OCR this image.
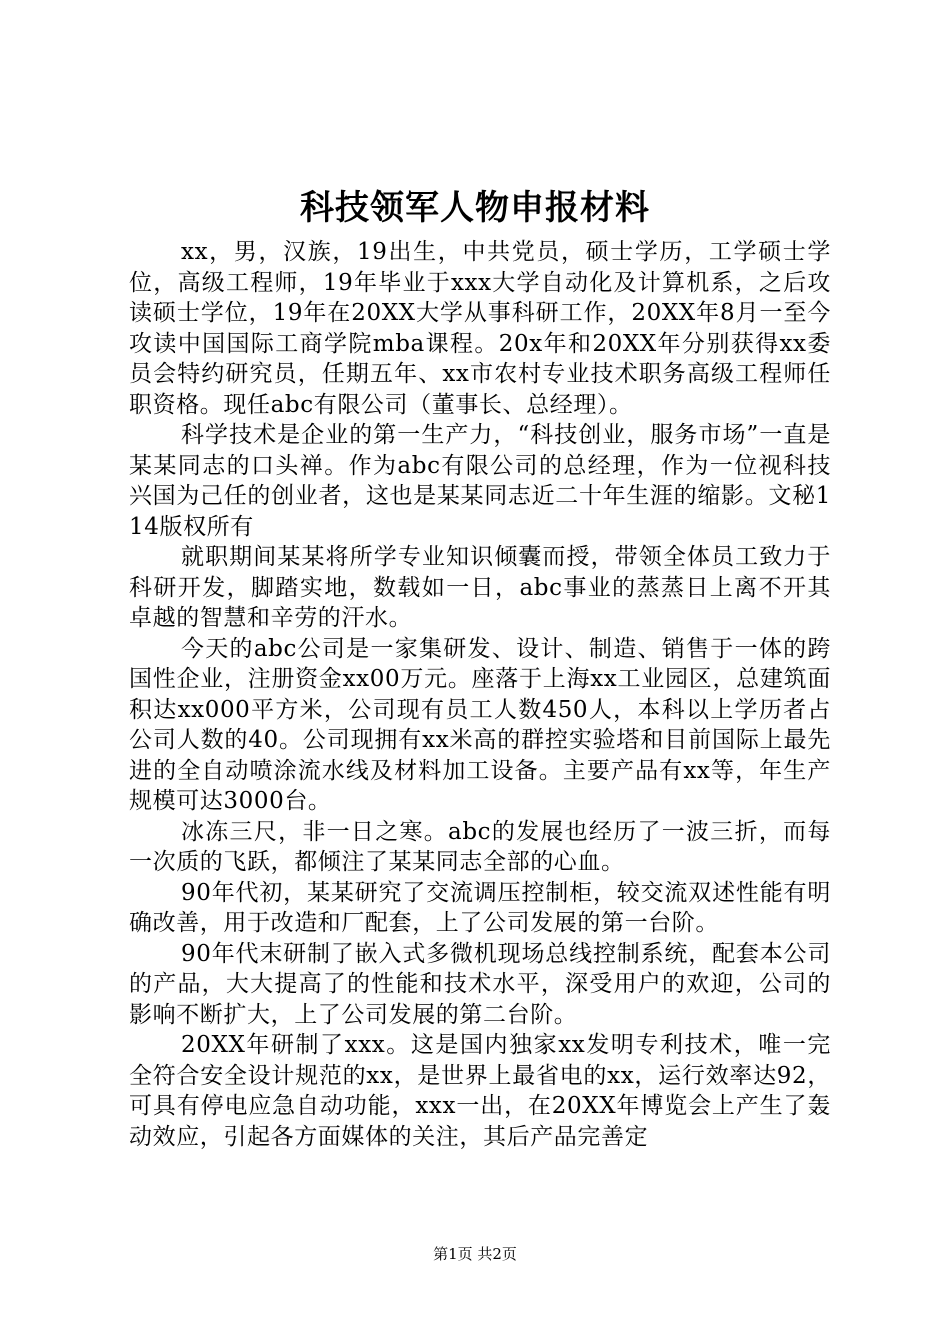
科技领军人物申报材料

xx，男，汉族，19出生，中共党员，硕士学历，工学硕士学位，高级工程师，19年毕业于xxx大学自动化及计算机系，之后攻读硕士学位，19年在20XX大学从事科研工作，20XX年8月一至今攻读中国国际工商学院mba课程。20x年和20XX年分别获得xx委员会特约研究员，任期五年、xx市农村专业技术职务高级工程师任职资格。现任abc有限公司（董事长、总经理）。

科学技术是企业的第一生产力，“科技创业，服务市场”一直是某某同志的口头禅。作为abc有限公司的总经理，作为一位视科技兴国为己任的创业者，这也是某某同志近二十年生涯的缩影。文秘114版权所有

就职期间某某将所学专业知识倾囊而授，带领全体员工致力于科研开发，脚踏实地，数载如一日，abc事业的蒸蒸日上离不开其卓越的智慧和辛劳的汗水。

今天的abc公司是一家集研发、设计、制造、销售于一体的跨国性企业，注册资金xx00万元。座落于上海xx工业园区，总建筑面积达xx000平方米，公司现有员工人数450人，本科以上学历者占公司人数的40。公司现拥有xx米高的群控实验塔和目前国际上最先进的全自动喷涂流水线及材料加工设备。主要产品有xx等，年生产规模可达3000台。

冰冻三尺，非一日之寒。abc的发展也经历了一波三折，而每一次质的飞跃，都倾注了某某同志全部的心血。

90年代初，某某研究了交流调压控制柜，较交流双述性能有明确改善，用于改造和厂配套，上了公司发展的第一台阶。

90年代末研制了嵌入式多微机现场总线控制系统，配套本公司的产品，大大提高了的性能和技术水平，深受用户的欢迎，公司的影响不断扩大，上了公司发展的第二台阶。

20XX年研制了xxx。这是国内独家xx发明专利技术，唯一完全符合安全设计规范的xx，是世界上最省电的xx，运行效率达92，可具有停电应急自动功能，xxx一出，在20XX年博览会上产生了轰动效应，引起各方面媒体的关注，其后产品完善定

第1页 共2页
